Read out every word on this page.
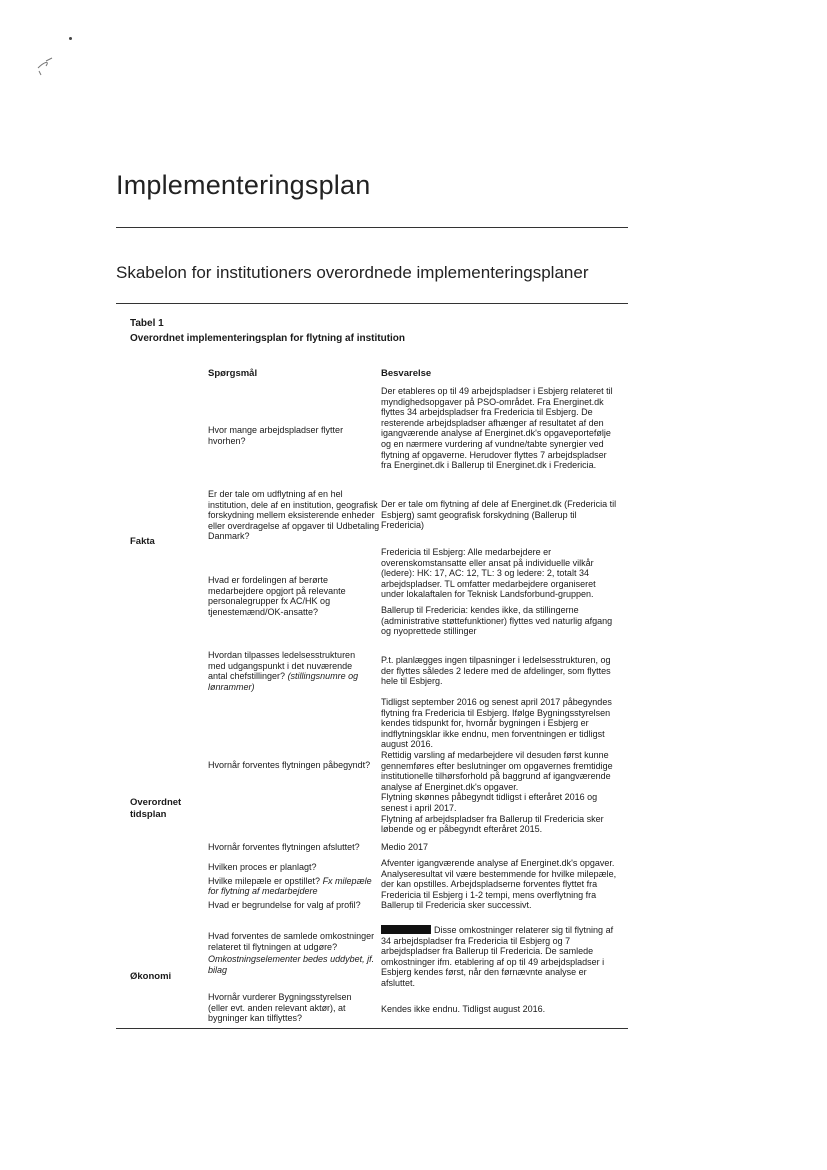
Implementeringsplan
Skabelon for institutioners overordnede implementeringsplaner
Tabel 1
Overordnet implementeringsplan for flytning af institution
Spørgsmål	Besvarelse
Fakta
Overordnet tidsplan
Økonomi
Hvor mange arbejdspladser flytter hvorhen?
Der etableres op til 49 arbejdspladser i Esbjerg relateret til myndighedsopgaver på PSO-området. Fra Energinet.dk flyttes 34 arbejdspladser fra Fredericia til Esbjerg. De resterende arbejdspladser afhænger af resultatet af den igangværende analyse af Energinet.dk's opgaveportefølje og en nærmere vurdering af vundne/tabte synergier ved flytning af opgaverne. Herudover flyttes 7 arbejdspladser fra Energinet.dk i Ballerup til Energinet.dk i Fredericia.
Er der tale om udflytning af en hel institution, dele af en institution, geografisk forskydning mellem eksisterende enheder eller overdragelse af opgaver til Udbetaling Danmark?
Der er tale om flytning af dele af Energinet.dk (Fredericia til Esbjerg) samt geografisk forskydning (Ballerup til Fredericia)
Hvad er fordelingen af berørte medarbejdere opgjort på relevante personalegrupper fx AC/HK og tjenestemænd/OK-ansatte?
Fredericia til Esbjerg: Alle medarbejdere er overenskomstansatte eller ansat på individuelle vilkår (ledere): HK: 17, AC: 12, TL: 3 og ledere: 2, totalt 34 arbejdspladser. TL omfatter medarbejdere organiseret under lokalaftalen for Teknisk Landsforbund-gruppen.
Ballerup til Fredericia: kendes ikke, da stillingerne (administrative støttefunktioner) flyttes ved naturlig afgang og nyoprettede stillinger
Hvordan tilpasses ledelsesstrukturen med udgangspunkt i det nuværende antal chefstillinger? (stillingsnumre og lønrammer)
P.t. planlægges ingen tilpasninger i ledelsesstrukturen, og der flyttes således 2 ledere med de afdelinger, som flyttes hele til Esbjerg.
Hvornår forventes flytningen påbegyndt?
Tidligst september 2016 og senest april 2017 påbegyndes flytning fra Fredericia til Esbjerg. Ifølge Bygningsstyrelsen kendes tidspunkt for, hvornår bygningen i Esbjerg er indflytningsklar ikke endnu, men forventningen er tidligst august 2016.
Rettidig varsling af medarbejdere vil desuden først kunne gennemføres efter beslutninger om opgavernes fremtidige institutionelle tilhørsforhold på baggrund af igangværende analyse af Energinet.dk's opgaver.
Flytning skønnes påbegyndt tidligst i efteråret 2016 og senest i april 2017.
Flytning af arbejdspladser fra Ballerup til Fredericia sker løbende og er påbegyndt efteråret 2015.
Hvornår forventes flytningen afsluttet?	Medio 2017
Hvilken proces er planlagt?
Hvilke milepæle er opstillet? Fx milepæle for flytning af medarbejdere
Hvad er begrundelse for valg af profil?
Afventer igangværende analyse af Energinet.dk's opgaver. Analyseresultat vil være bestemmende for hvilke milepæle, der kan opstilles. Arbejdspladserne forventes flyttet fra Fredericia til Esbjerg i 1-2 tempi, mens overflytning fra Ballerup til Fredericia sker successivt.
Hvad forventes de samlede omkostninger relateret til flytningen at udgøre?
Omkostningselementer bedes uddybet, jf. bilag
Disse omkostninger relaterer sig til flytning af 34 arbejdspladser fra Fredericia til Esbjerg og 7 arbejdspladser fra Ballerup til Fredericia. De samlede omkostninger ifm. etablering af op til 49 arbejdspladser i Esbjerg kendes først, når den førnævnte analyse er afsluttet.
Hvornår vurderer Bygningsstyrelsen (eller evt. anden relevant aktør), at bygninger kan tilflyttes?
Kendes ikke endnu. Tidligst august 2016.
